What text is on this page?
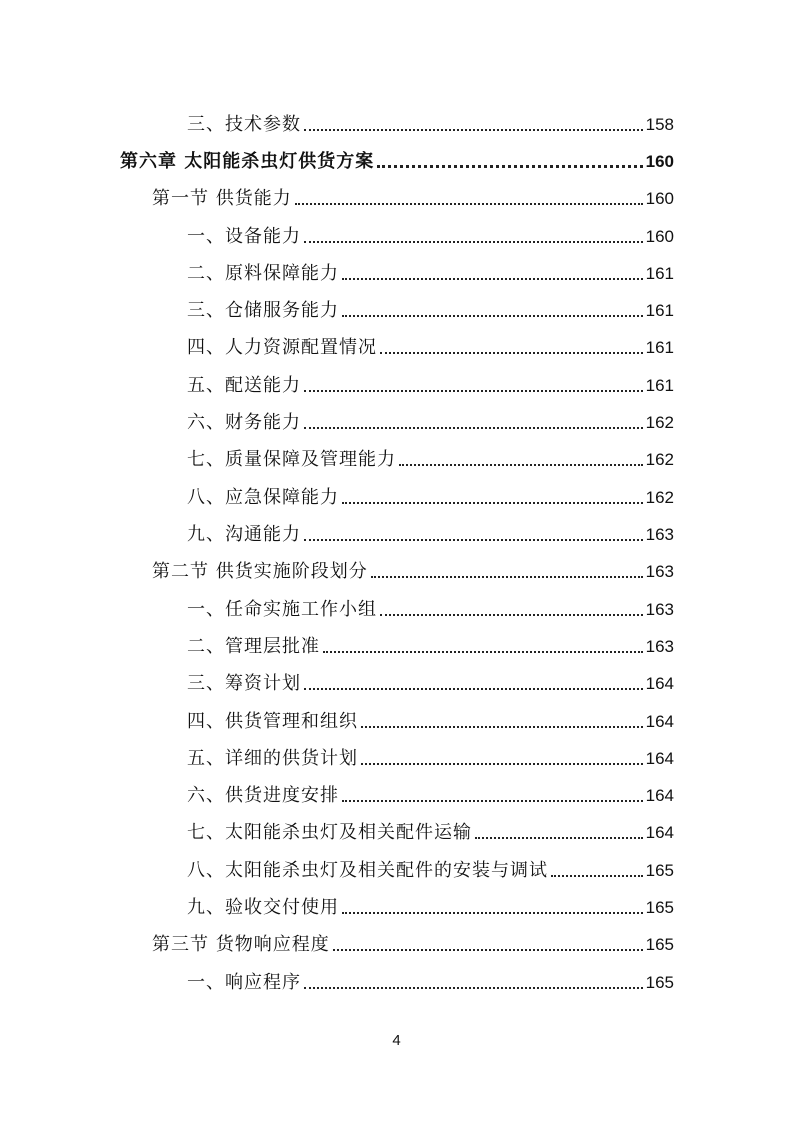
三、技术参数	158
第六章 太阳能杀虫灯供货方案	160
第一节 供货能力	160
一、设备能力	160
二、原料保障能力	161
三、仓储服务能力	161
四、人力资源配置情况	161
五、配送能力	161
六、财务能力	162
七、质量保障及管理能力	162
八、应急保障能力	162
九、沟通能力	163
第二节 供货实施阶段划分	163
一、任命实施工作小组	163
二、管理层批准	163
三、筹资计划	164
四、供货管理和组织	164
五、详细的供货计划	164
六、供货进度安排	164
七、太阳能杀虫灯及相关配件运输	164
八、太阳能杀虫灯及相关配件的安装与调试	165
九、验收交付使用	165
第三节 货物响应程度	165
一、响应程序	165
4
